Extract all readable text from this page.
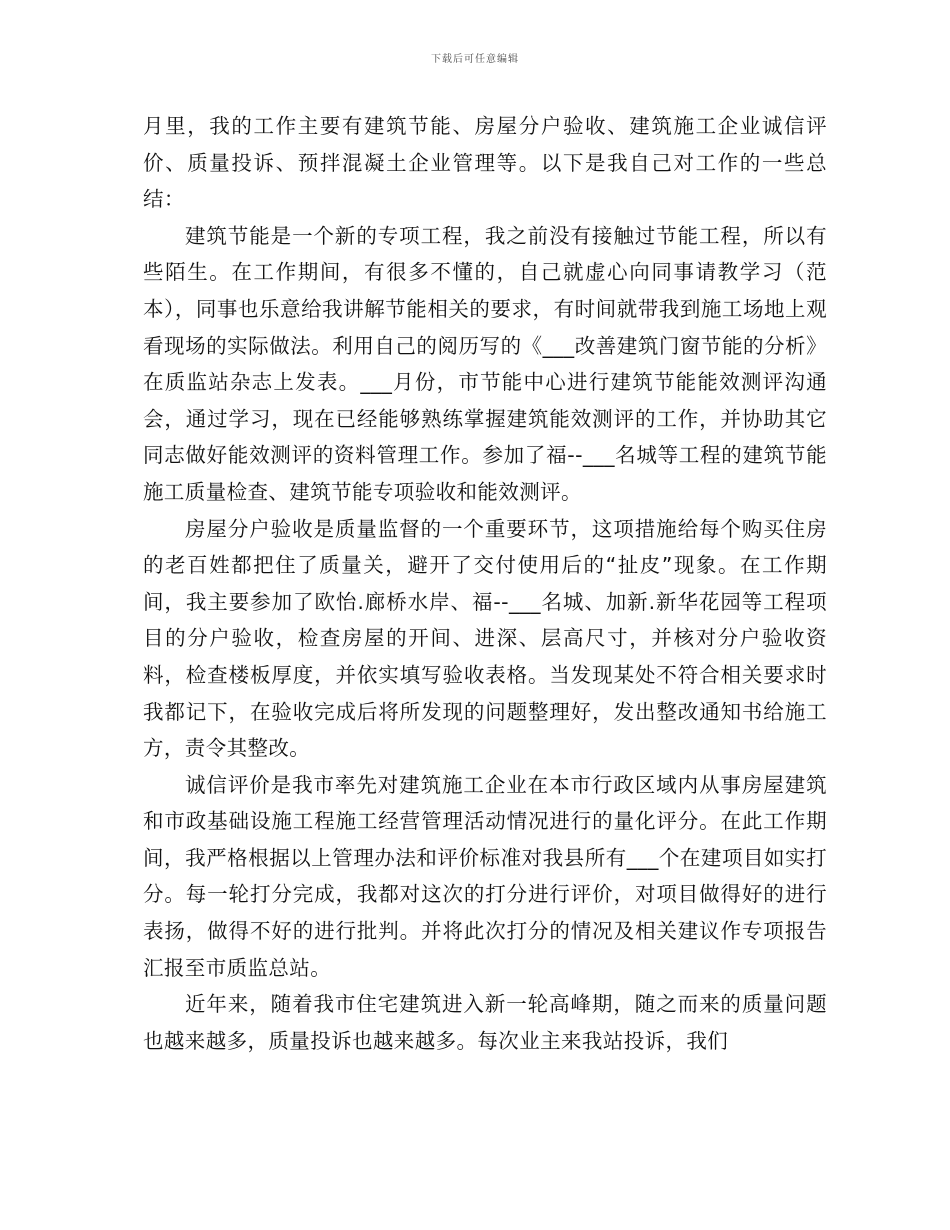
下载后可任意编辑

月里，我的工作主要有建筑节能、房屋分户验收、建筑施工企业诚信评价、质量投诉、预拌混凝土企业管理等。以下是我自己对工作的一些总结：

建筑节能是一个新的专项工程，我之前没有接触过节能工程，所以有些陌生。在工作期间，有很多不懂的，自己就虚心向同事请教学习（范本），同事也乐意给我讲解节能相关的要求，有时间就带我到施工场地上观看现场的实际做法。利用自己的阅历写的《___改善建筑门窗节能的分析》在质监站杂志上发表。___月份，市节能中心进行建筑节能能效测评沟通会，通过学习，现在已经能够熟练掌握建筑能效测评的工作，并协助其它同志做好能效测评的资料管理工作。参加了福--___名城等工程的建筑节能施工质量检查、建筑节能专项验收和能效测评。

房屋分户验收是质量监督的一个重要环节，这项措施给每个购买住房的老百姓都把住了质量关，避开了交付使用后的“扯皮”现象。在工作期间，我主要参加了欧怡.廊桥水岸、福--___名城、加新.新华花园等工程项目的分户验收，检查房屋的开间、进深、层高尺寸，并核对分户验收资料，检查楼板厚度，并依实填写验收表格。当发现某处不符合相关要求时我都记下，在验收完成后将所发现的问题整理好，发出整改通知书给施工方，责令其整改。

诚信评价是我市率先对建筑施工企业在本市行政区域内从事房屋建筑和市政基础设施工程施工经营管理活动情况进行的量化评分。在此工作期间，我严格根据以上管理办法和评价标准对我县所有___个在建项目如实打分。每一轮打分完成，我都对这次的打分进行评价，对项目做得好的进行表扬，做得不好的进行批判。并将此次打分的情况及相关建议作专项报告汇报至市质监总站。

近年来，随着我市住宅建筑进入新一轮高峰期，随之而来的质量问题也越来越多，质量投诉也越来越多。每次业主来我站投诉，我们
